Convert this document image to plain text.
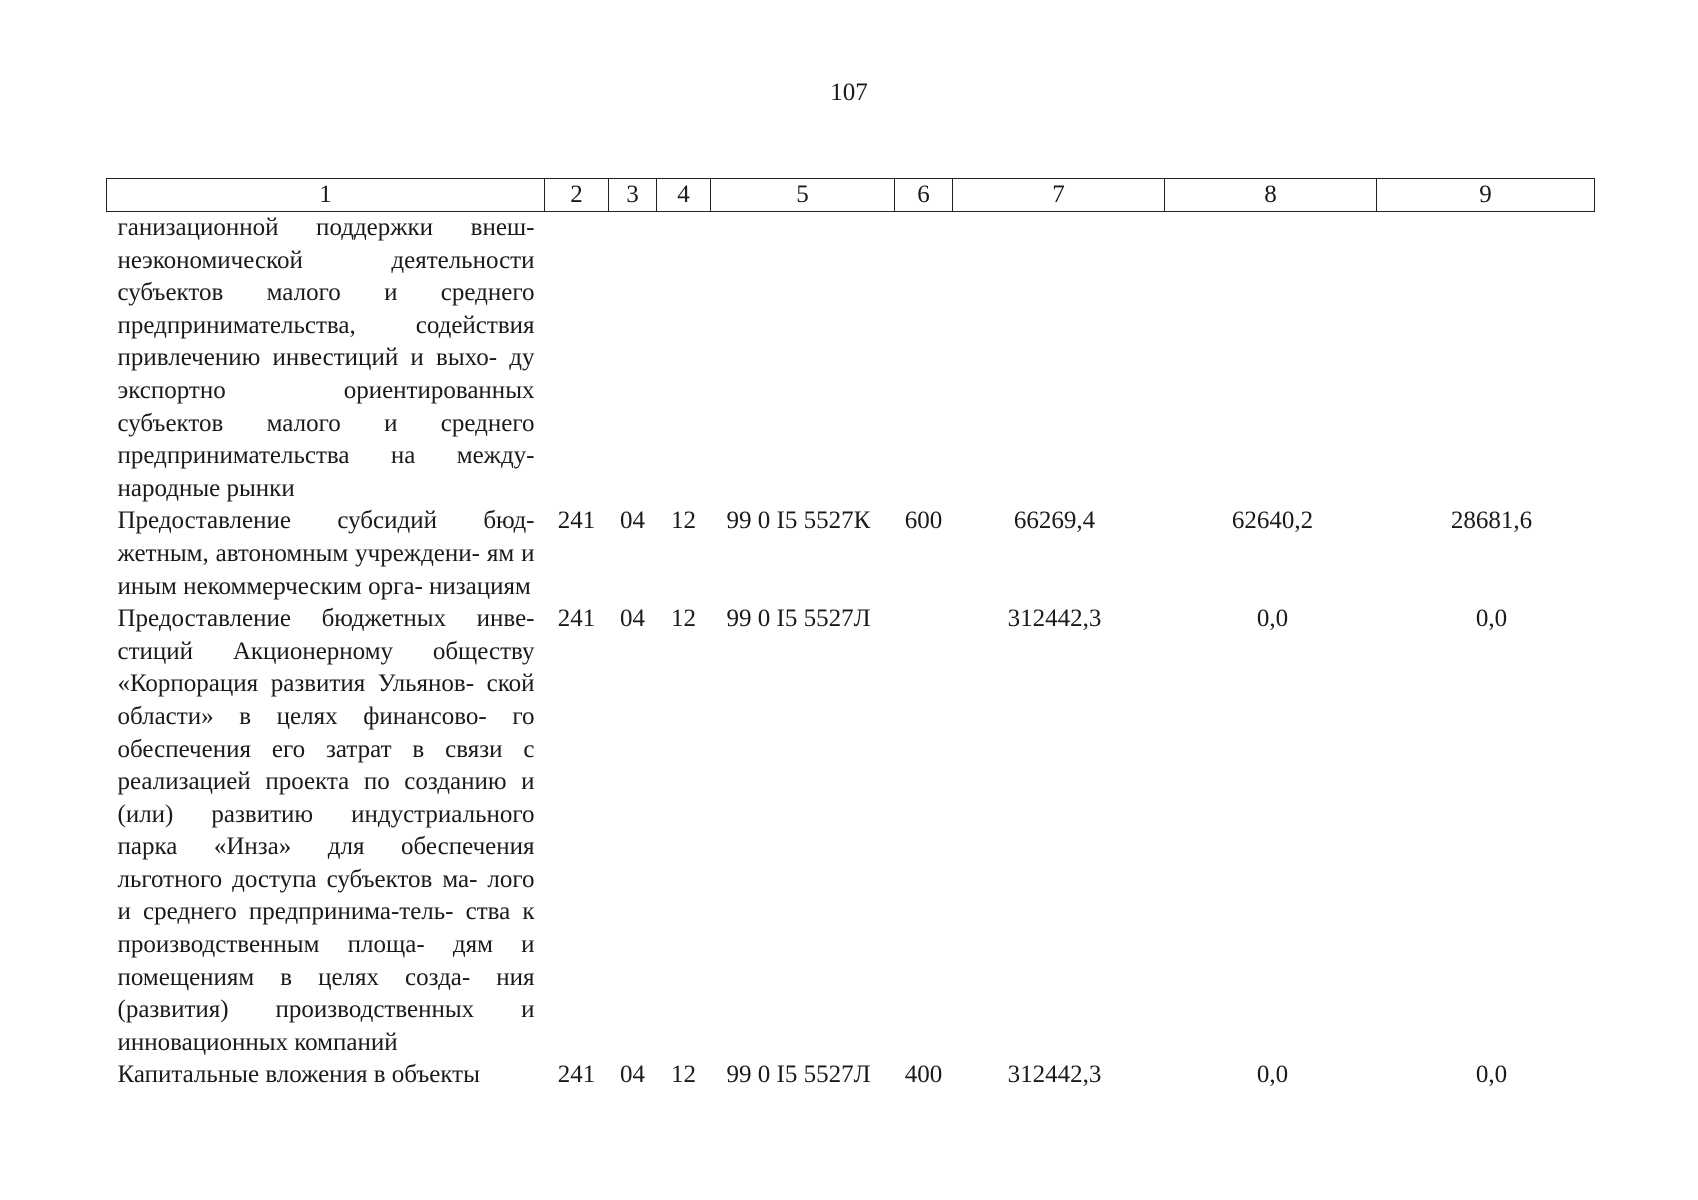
107
1	2	3	4	5	6	7	8	9
ганизационной поддержки внеш- неэкономической деятельности субъектов малого и среднего предпринимательства, содействия привлечению инвестиций и выхо- ду экспортно ориентированных субъектов малого и среднего предпринимательства на между- народные рынки								
Предоставление субсидий бюд- жетным, автономным учреждени- ям и иным некоммерческим орга- низациям	241	04	12	99 0 I5 5527К	600	66269,4	62640,2	28681,6
Предоставление бюджетных инве- стиций Акционерному обществу «Корпорация развития Ульянов- ской области» в целях финансово- го обеспечения его затрат в связи с реализацией проекта по созданию и (или) развитию индустриального парка «Инза» для обеспечения льготного доступа субъектов ма- лого и среднего предпринима-тель- ства к производственным площа- дям и помещениям в целях созда- ния (развития) производственных и инновационных компаний	241	04	12	99 0 I5 5527Л		312442,3	0,0	0,0
Капитальные вложения в объекты	241	04	12	99 0 I5 5527Л	400	312442,3	0,0	0,0
